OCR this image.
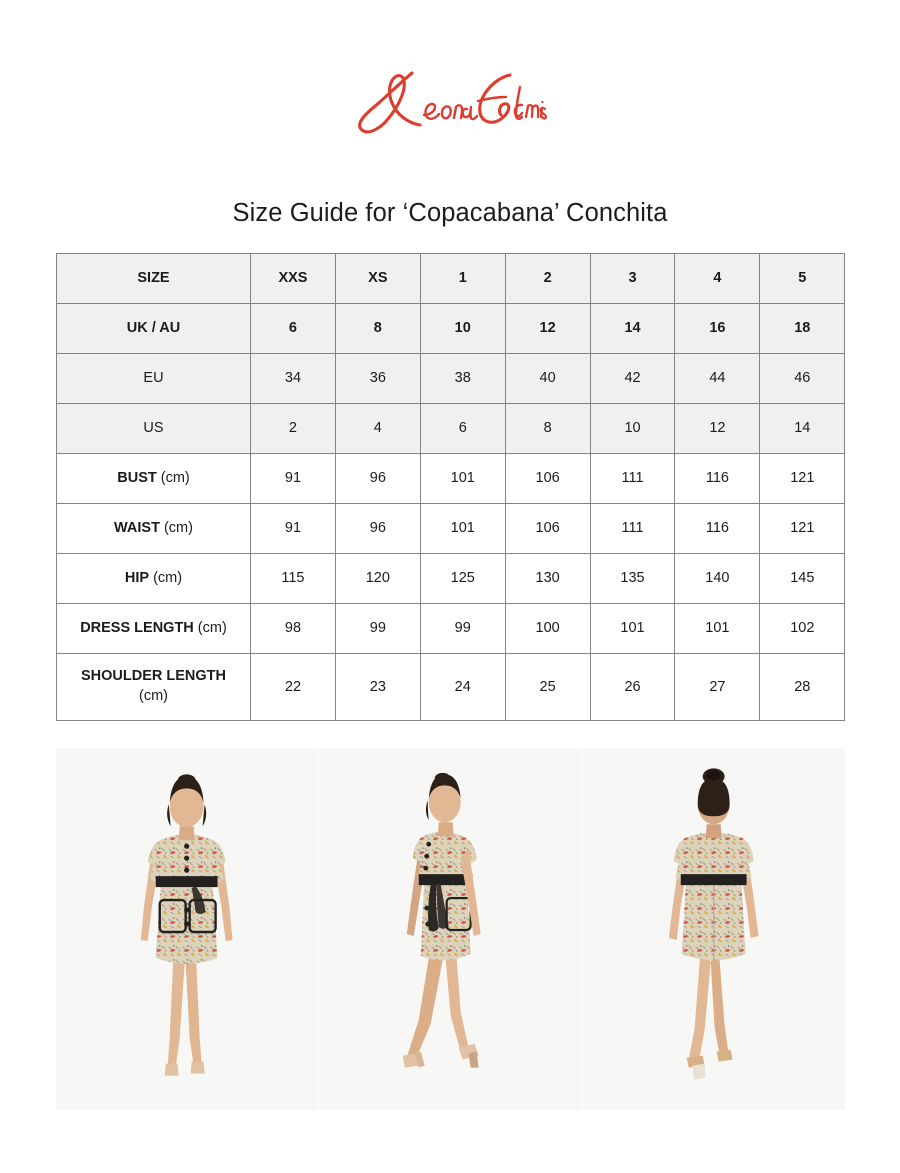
Size Guide for ‘Copacabana’ Conchita
SIZE	XXS	XS	1	2	3	4	5
UK / AU	6	8	10	12	14	16	18
EU	34	36	38	40	42	44	46
US	2	4	6	8	10	12	14
BUST (cm)	91	96	101	106	111	116	121
WAIST (cm)	91	96	101	106	111	116	121
HIP (cm)	115	120	125	130	135	140	145
DRESS LENGTH (cm)	98	99	99	100	101	101	102
SHOULDER LENGTH
(cm)	22	23	24	25	26	27	28
